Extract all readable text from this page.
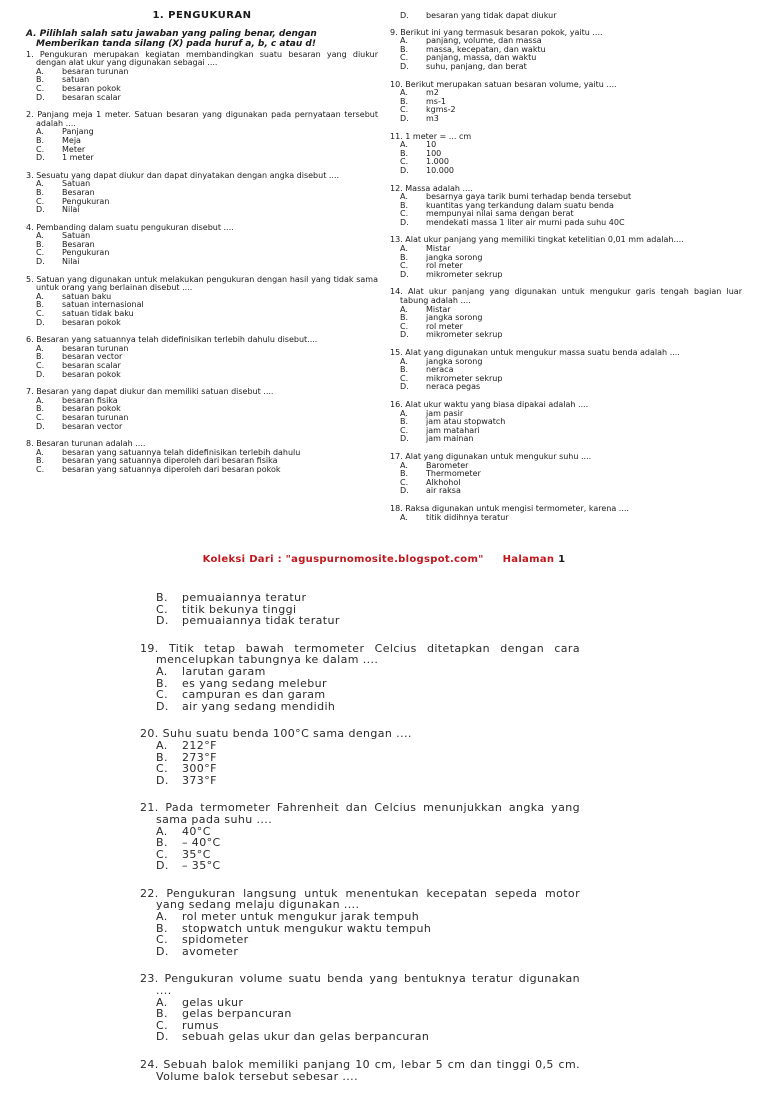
1. PENGUKURAN
A. Pilihlah salah satu jawaban yang paling benar, dengan Memberikan tanda silang (X) pada huruf a, b, c atau d!
1. Pengukuran merupakan kegiatan membandingkan suatu besaran yang diukur dengan alat ukur yang digunakan sebagai ....
A. besaran turunan
B. satuan
C. besaran pokok
D. besaran scalar
2. Panjang meja 1 meter. Satuan besaran yang digunakan pada pernyataan tersebut adalah ....
A. Panjang
B. Meja
C. Meter
D. 1 meter
3. Sesuatu yang dapat diukur dan dapat dinyatakan dengan angka disebut ....
A. Satuan
B. Besaran
C. Pengukuran
D. Nilai
4. Pembanding dalam suatu pengukuran disebut ....
A. Satuan
B. Besaran
C. Pengukuran
D. Nilai
5. Satuan yang digunakan untuk melakukan pengukuran dengan hasil yang tidak sama untuk orang yang berlainan disebut ....
A. satuan baku
B. satuan internasional
C. satuan tidak baku
D. besaran pokok
6. Besaran yang satuannya telah didefinisikan terlebih dahulu disebut....
A. besaran turunan
B. besaran vector
C. besaran scalar
D. besaran pokok
7. Besaran yang dapat diukur dan memiliki satuan disebut ....
A. besaran fisika
B. besaran pokok
C. besaran turunan
D. besaran vector
8. Besaran turunan adalah ....
A. besaran yang satuannya telah didefinisikan terlebih dahulu
B. besaran yang satuannya diperoleh dari besaran fisika
C. besaran yang satuannya diperoleh dari besaran pokok
D. besaran yang tidak dapat diukur
9. Berikut ini yang termasuk besaran pokok, yaitu ....
A. panjang, volume, dan massa
B. massa, kecepatan, dan waktu
C. panjang, massa, dan waktu
D. suhu, panjang, dan berat
10. Berikut merupakan satuan besaran volume, yaitu ....
A. m2
B. ms-1
C. kgms-2
D. m3
11. 1 meter = ... cm
A. 10
B. 100
C. 1.000
D. 10.000
12. Massa adalah ....
A. besarnya gaya tarik bumi terhadap benda tersebut
B. kuantitas yang terkandung dalam suatu benda
C. mempunyai nilai sama dengan berat
D. mendekati massa 1 liter air murni pada suhu 40C
13. Alat ukur panjang yang memiliki tingkat ketelitian 0,01 mm adalah....
A. Mistar
B. jangka sorong
C. rol meter
D. mikrometer sekrup
14. Alat ukur panjang yang digunakan untuk mengukur garis tengah bagian luar tabung adalah ....
A. Mistar
B. jangka sorong
C. rol meter
D. mikrometer sekrup
15. Alat yang digunakan untuk mengukur massa suatu benda adalah ....
A. jangka sorong
B. neraca
C. mikrometer sekrup
D. neraca pegas
16. Alat ukur waktu yang biasa dipakai adalah ....
A. jam pasir
B. jam atau stopwatch
C. jam matahari
D. jam mainan
17. Alat yang digunakan untuk mengukur suhu ....
A. Barometer
B. Thermometer
C. Alkhohol
D. air raksa
18. Raksa digunakan untuk mengisi termometer, karena ....
A. titik didihnya teratur
Koleksi Dari : "aguspurnomosite.blogspot.com" Halaman 1
B. pemuaiannya teratur
C. titik bekunya tinggi
D. pemuaiannya tidak teratur
19. Titik tetap bawah termometer Celcius ditetapkan dengan cara mencelupkan tabungnya ke dalam ....
A. larutan garam
B. es yang sedang melebur
C. campuran es dan garam
D. air yang sedang mendidih
20. Suhu suatu benda 100°C sama dengan ....
A. 212°F
B. 273°F
C. 300°F
D. 373°F
21. Pada termometer Fahrenheit dan Celcius menunjukkan angka yang sama pada suhu ....
A. 40°C
B. – 40°C
C. 35°C
D. – 35°C
22. Pengukuran langsung untuk menentukan kecepatan sepeda motor yang sedang melaju digunakan ....
A. rol meter untuk mengukur jarak tempuh
B. stopwatch untuk mengukur waktu tempuh
C. spidometer
D. avometer
23. Pengukuran volume suatu benda yang bentuknya teratur digunakan ....
A. gelas ukur
B. gelas berpancuran
C. rumus
D. sebuah gelas ukur dan gelas berpancuran
24. Sebuah balok memiliki panjang 10 cm, lebar 5 cm dan tinggi 0,5 cm. Volume balok tersebut sebesar ....
